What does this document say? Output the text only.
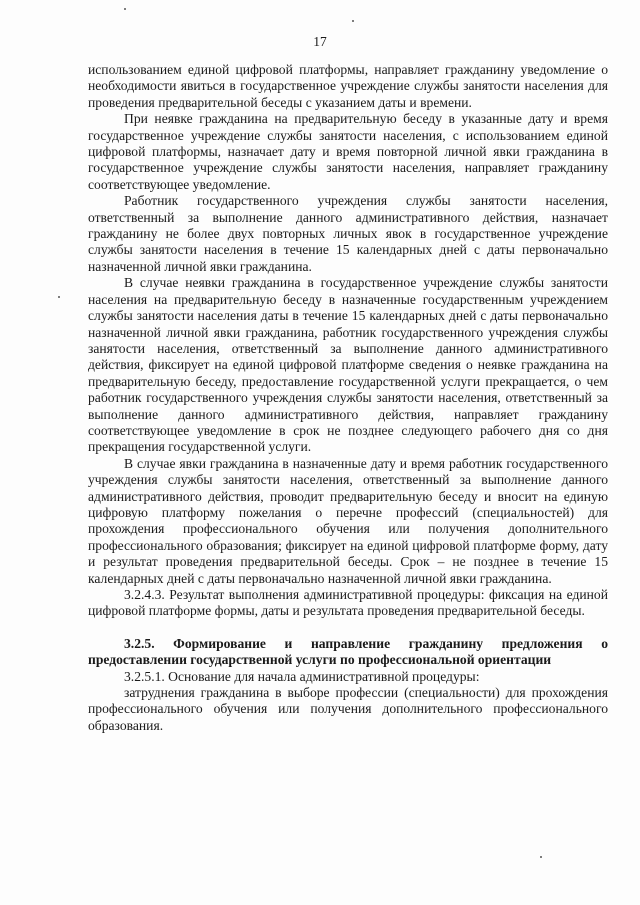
17

использованием единой цифровой платформы, направляет гражданину уведомление о необходимости явиться в государственное учреждение службы занятости населения для проведения предварительной беседы с указанием даты и времени.

При неявке гражданина на предварительную беседу в указанные дату и время государственное учреждение службы занятости населения, с использованием единой цифровой платформы, назначает дату и время повторной личной явки гражданина в государственное учреждение службы занятости населения, направляет гражданину соответствующее уведомление.

Работник государственного учреждения службы занятости населения, ответственный за выполнение данного административного действия, назначает гражданину не более двух повторных личных явок в государственное учреждение службы занятости населения в течение 15 календарных дней с даты первоначально назначенной личной явки гражданина.

В случае неявки гражданина в государственное учреждение службы занятости населения на предварительную беседу в назначенные государственным учреждением службы занятости населения даты в течение 15 календарных дней с даты первоначально назначенной личной явки гражданина, работник государственного учреждения службы занятости населения, ответственный за выполнение данного административного действия, фиксирует на единой цифровой платформе сведения о неявке гражданина на предварительную беседу, предоставление государственной услуги прекращается, о чем работник государственного учреждения службы занятости населения, ответственный за выполнение данного административного действия, направляет гражданину соответствующее уведомление в срок не позднее следующего рабочего дня со дня прекращения государственной услуги.

В случае явки гражданина в назначенные дату и время работник государственного учреждения службы занятости населения, ответственный за выполнение данного административного действия, проводит предварительную беседу и вносит на единую цифровую платформу пожелания о перечне профессий (специальностей) для прохождения профессионального обучения или получения дополнительного профессионального образования; фиксирует на единой цифровой платформе форму, дату и результат проведения предварительной беседы. Срок – не позднее в течение 15 календарных дней с даты первоначально назначенной личной явки гражданина.

3.2.4.3. Результат выполнения административной процедуры: фиксация на единой цифровой платформе формы, даты и результата проведения предварительной беседы.

3.2.5. Формирование и направление гражданину предложения о предоставлении государственной услуги по профессиональной ориентации

3.2.5.1. Основание для начала административной процедуры:

затруднения гражданина в выборе профессии (специальности) для прохождения профессионального обучения или получения дополнительного профессионального образования.
